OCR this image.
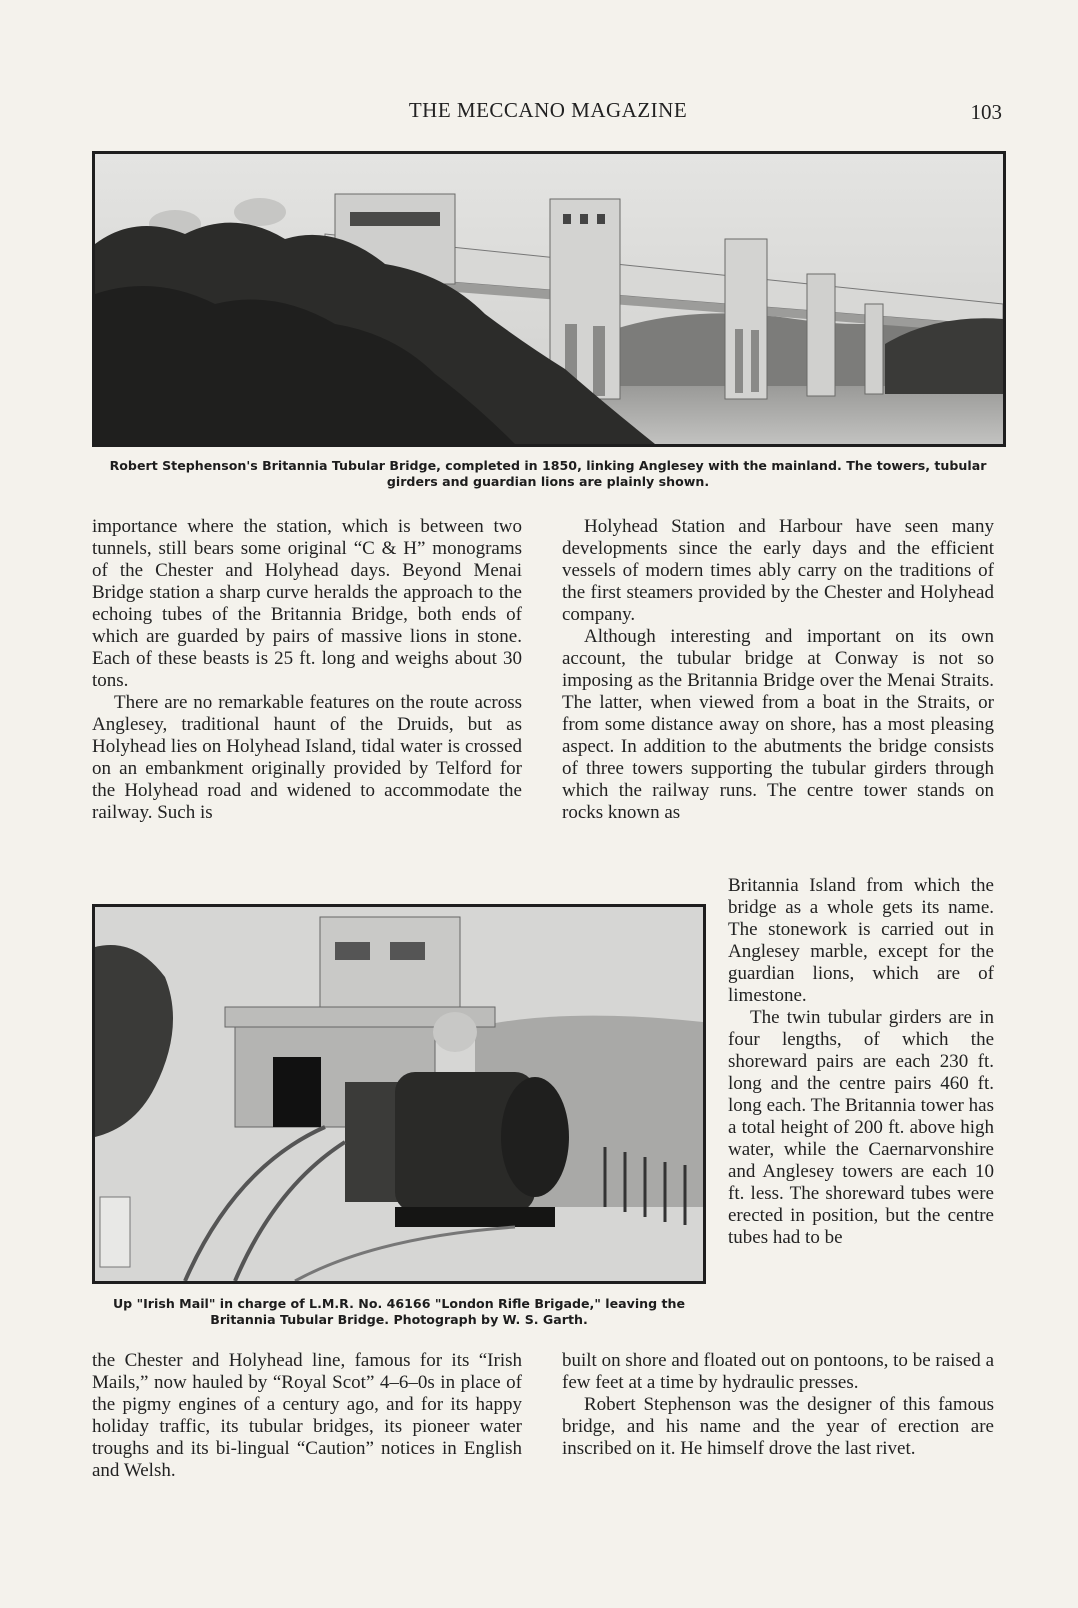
THE MECCANO MAGAZINE	103
Robert Stephenson's Britannia Tubular Bridge, completed in 1850, linking Anglesey with the mainland. The towers, tubular girders and guardian lions are plainly shown.

importance where the station, which is between two tunnels, still bears some original “C & H” monograms of the Chester and Holyhead days. Beyond Menai Bridge station a sharp curve heralds the approach to the echoing tubes of the Britannia Bridge, both ends of which are guarded by pairs of massive lions in stone. Each of these beasts is 25 ft. long and weighs about 30 tons.

There are no remarkable features on the route across Anglesey, traditional haunt of the Druids, but as Holyhead lies on Holyhead Island, tidal water is crossed on an embankment originally provided by Telford for the Holyhead road and widened to accommodate the railway. Such is

Holyhead Station and Harbour have seen many developments since the early days and the efficient vessels of modern times ably carry on the traditions of the first steamers provided by the Chester and Holyhead company.

Although interesting and important on its own account, the tubular bridge at Conway is not so imposing as the Britannia Bridge over the Menai Straits. The latter, when viewed from a boat in the Straits, or from some distance away on shore, has a most pleasing aspect. In addition to the abutments the bridge consists of three towers supporting the tubular girders through which the railway runs. The centre tower stands on rocks known as

Up "Irish Mail" in charge of L.M.R. No. 46166 "London Rifle Brigade," leaving the Britannia Tubular Bridge. Photograph by W. S. Garth.

Britannia Island from which the bridge as a whole gets its name. The stonework is carried out in Anglesey marble, except for the guardian lions, which are of limestone.

The twin tubular girders are in four lengths, of which the shoreward pairs are each 230 ft. long and the centre pairs 460 ft. long each. The Britannia tower has a total height of 200 ft. above high water, while the Caernarvonshire and Anglesey towers are each 10 ft. less. The shoreward tubes were erected in position, but the centre tubes had to be

the Chester and Holyhead line, famous for its “Irish Mails,” now hauled by “Royal Scot” 4–6–0s in place of the pigmy engines of a century ago, and for its happy holiday traffic, its tubular bridges, its pioneer water troughs and its bi-lingual “Caution” notices in English and Welsh.

built on shore and floated out on pontoons, to be raised a few feet at a time by hydraulic presses.

Robert Stephenson was the designer of this famous bridge, and his name and the year of erection are inscribed on it. He himself drove the last rivet.
